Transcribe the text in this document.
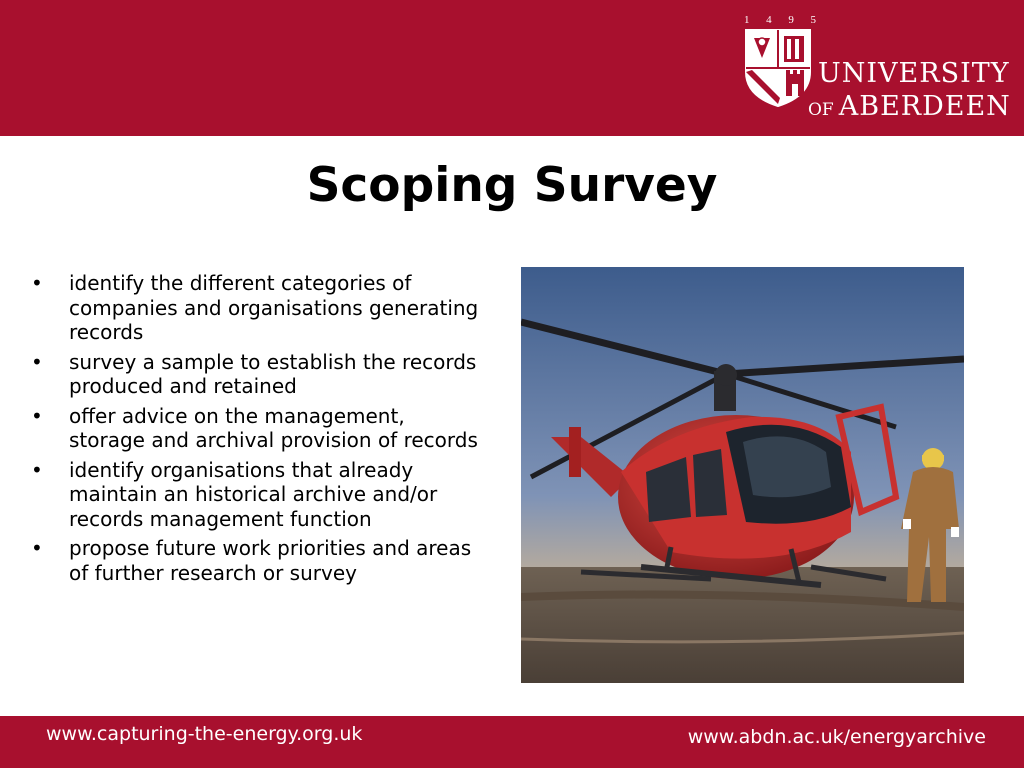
1 4 9 5
UNIVERSITY
OF ABERDEEN
Scoping Survey
• identify the different categories of companies and organisations generating records
• survey a sample to establish the records produced and retained
• offer advice on the management, storage and archival provision of records
• identify organisations that already maintain an historical archive and/or records management function
• propose future work priorities and areas of further research or survey
www.capturing-the-energy.org.uk	www.abdn.ac.uk/energyarchive
